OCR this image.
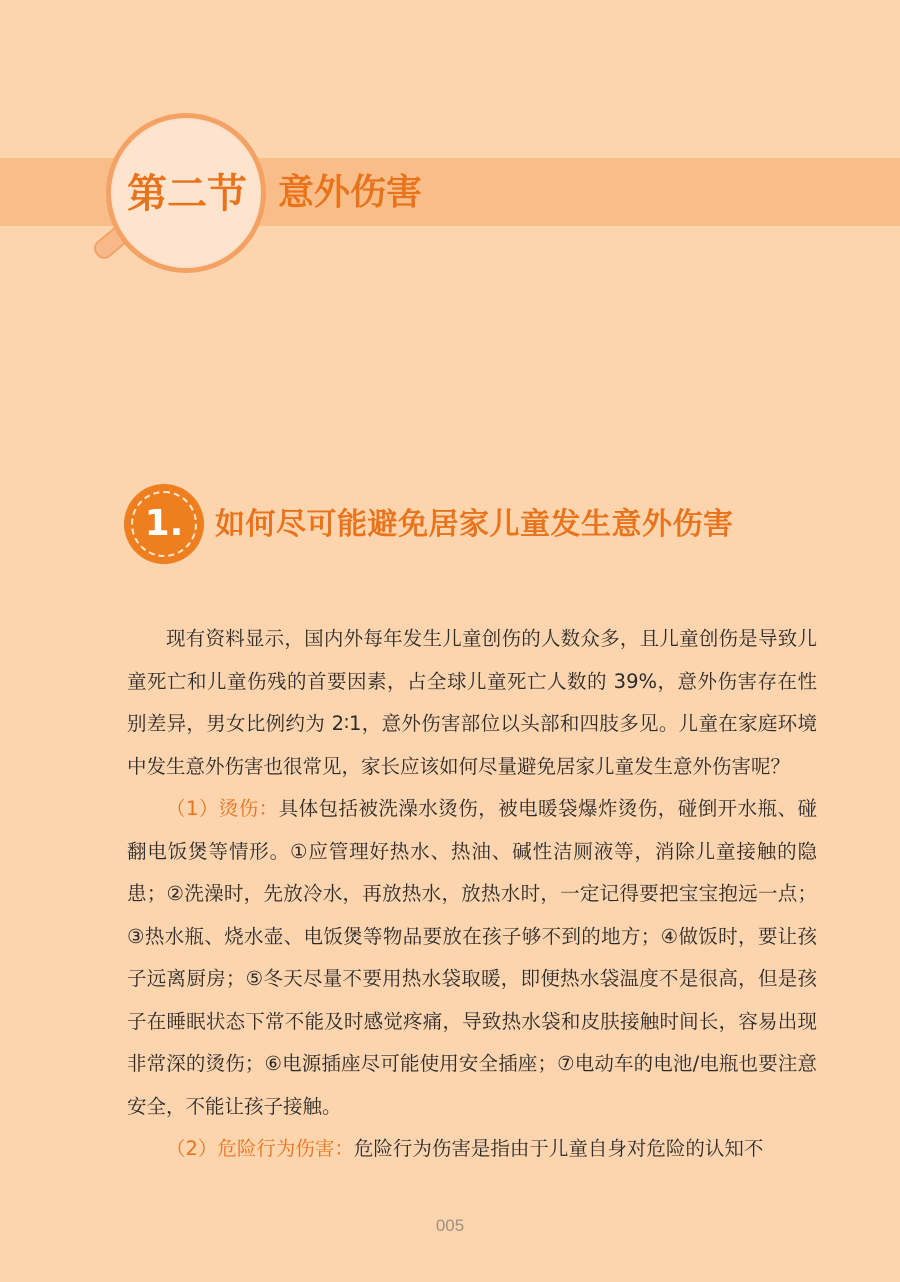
第二节 意外伤害
1.	如何尽可能避免居家儿童发生意外伤害

现有资料显示，国内外每年发生儿童创伤的人数众多，且儿童创伤是导致儿童死亡和儿童伤残的首要因素，占全球儿童死亡人数的 39%，意外伤害存在性别差异，男女比例约为 2∶1，意外伤害部位以头部和四肢多见。儿童在家庭环境中发生意外伤害也很常见，家长应该如何尽量避免居家儿童发生意外伤害呢？

（1）烫伤：具体包括被洗澡水烫伤，被电暖袋爆炸烫伤，碰倒开水瓶、碰翻电饭煲等情形。①应管理好热水、热油、碱性洁厕液等，消除儿童接触的隐患；②洗澡时，先放冷水，再放热水，放热水时，一定记得要把宝宝抱远一点；③热水瓶、烧水壶、电饭煲等物品要放在孩子够不到的地方；④做饭时，要让孩子远离厨房；⑤冬天尽量不要用热水袋取暖，即便热水袋温度不是很高，但是孩子在睡眠状态下常不能及时感觉疼痛，导致热水袋和皮肤接触时间长，容易出现非常深的烫伤；⑥电源插座尽可能使用安全插座；⑦电动车的电池/电瓶也要注意安全，不能让孩子接触。

（2）危险行为伤害：危险行为伤害是指由于儿童自身对危险的认知不

005
